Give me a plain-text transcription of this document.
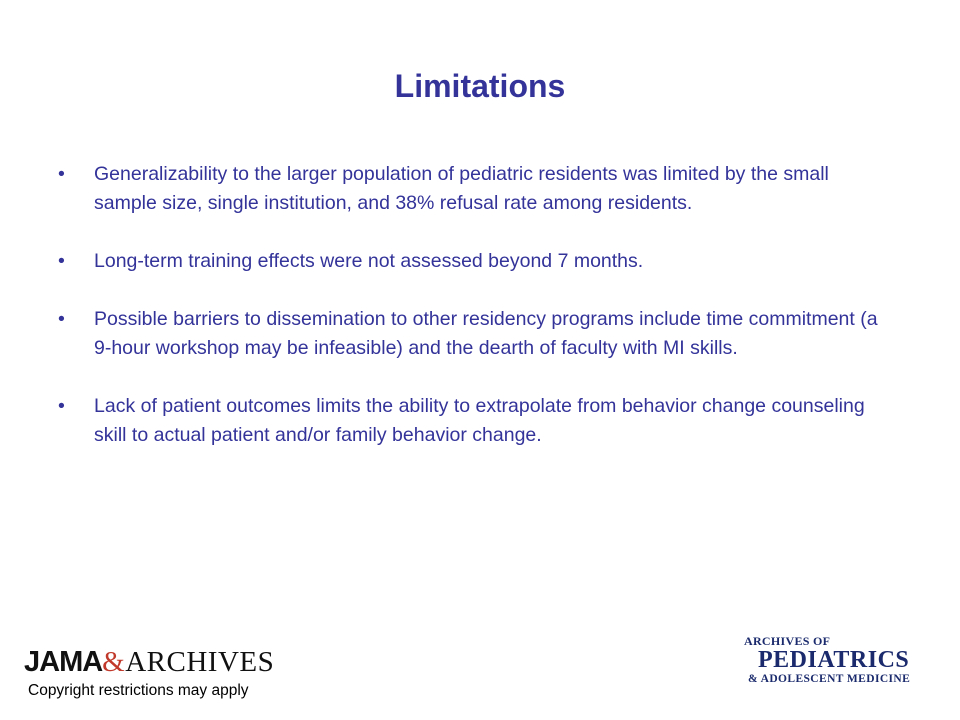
Limitations
•	Generalizability to the larger population of pediatric residents was limited by the small sample size, single institution, and 38% refusal rate among residents.
•	Long-term training effects were not assessed beyond 7 months.
•	Possible barriers to dissemination to other residency programs include time commitment (a 9-hour workshop may be infeasible) and the dearth of faculty with MI skills.
•	Lack of patient outcomes limits the ability to extrapolate from behavior change counseling skill to actual patient and/or family behavior change.
JAMA&ARCHIVES
Copyright restrictions may apply
ARCHIVES OF
PEDIATRICS
& ADOLESCENT MEDICINE
